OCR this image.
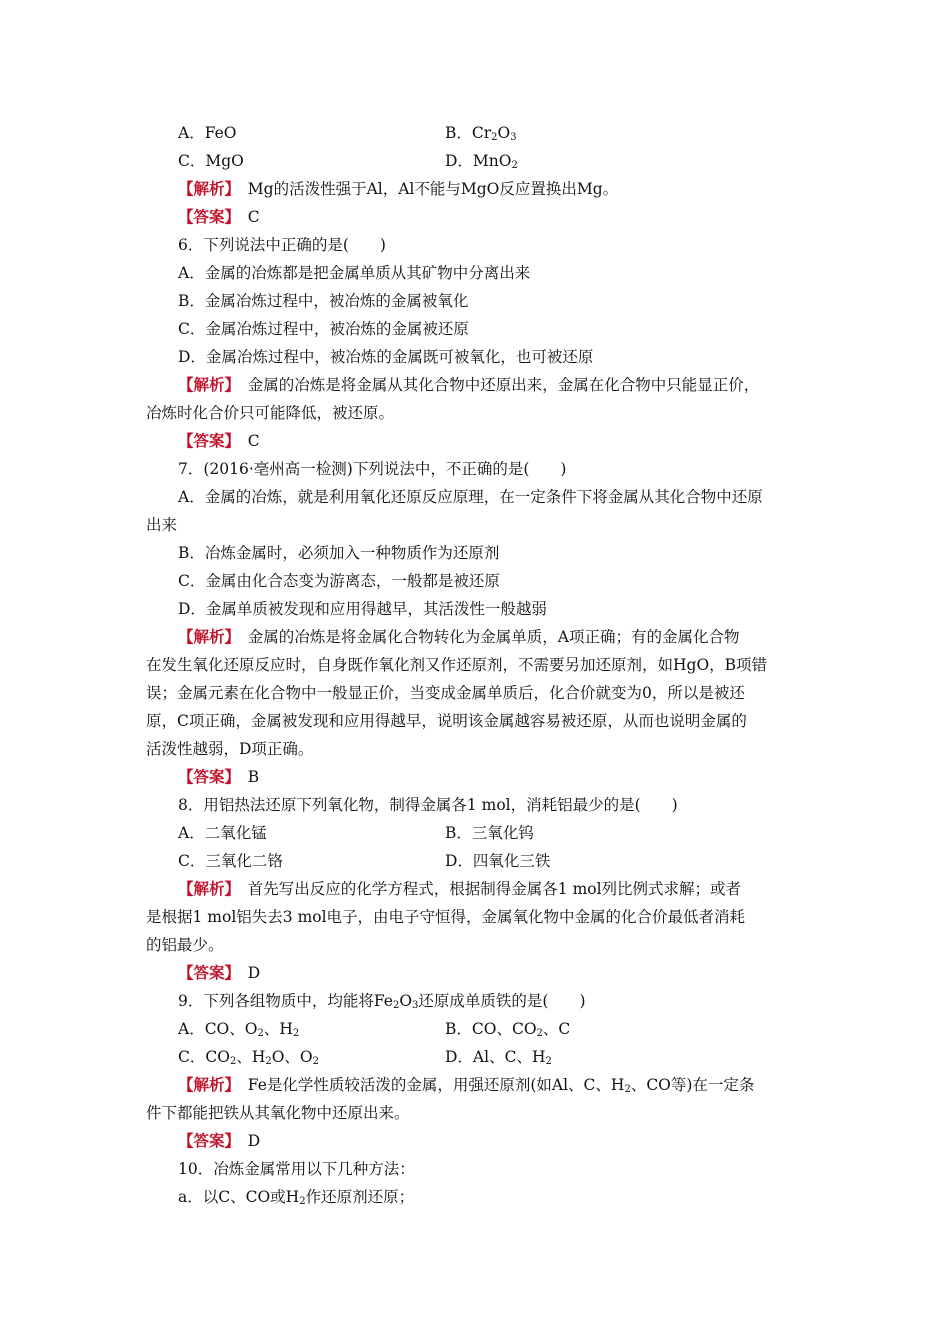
A．FeO	B．$Cr_2O_3$
C．MgO	D．MnO$_2$
【解析】　 Mg的活泼性强于Al，Al不能与MgO反应置换出Mg。
【答案】　 C
6．下列说法中正确的是(　　)
A．金属的冶炼都是把金属单质从其矿物中分离出来
B．金属冶炼过程中，被冶炼的金属被氧化
C．金属冶炼过程中，被冶炼的金属被还原
D．金属冶炼过程中，被冶炼的金属既可被氧化，也可被还原
【解析】　 金属的冶炼是将金属从其化合物中还原出来，金属在化合物中只能显正价，
冶炼时化合价只可能降低，被还原。
【答案】　 C
7．(2016·亳州高一检测)下列说法中，不正确的是(　　)
A．金属的冶炼，就是利用氧化还原反应原理，在一定条件下将金属从其化合物中还原
出来
B．冶炼金属时，必须加入一种物质作为还原剂
C．金属由化合态变为游离态，一般都是被还原
D．金属单质被发现和应用得越早，其活泼性一般越弱
【解析】　 金属的冶炼是将金属化合物转化为金属单质，A项正确；有的金属化合物
在发生氧化还原反应时，自身既作氧化剂又作还原剂，不需要另加还原剂，如HgO，B项错
误；金属元素在化合物中一般显正价，当变成金属单质后，化合价就变为0，所以是被还
原，C项正确，金属被发现和应用得越早，说明该金属越容易被还原，从而也说明金属的
活泼性越弱，D项正确。
【答案】　 B
8．用铝热法还原下列氧化物，制得金属各1 mol，消耗铝最少的是(　　)
A．二氧化锰	B．三氧化钨
C．三氧化二铬	D．四氧化三铁
【解析】　 首先写出反应的化学方程式，根据制得金属各1 mol列比例式求解；或者
是根据1 mol铝失去3 mol电子，由电子守恒得，金属氧化物中金属的化合价最低者消耗
的铝最少。
【答案】　 D
9．下列各组物质中，均能将$Fe_2O_3$还原成单质铁的是(　　)
A．CO、$O_2$、$H_2$	B．CO、$CO_2$、C
C．$CO_2$、$H_2O$、$O_2$	D．Al、C、$H_2$
【解析】　 Fe是化学性质较活泼的金属，用强还原剂(如Al、C、$H_2$、CO等)在一定条
件下都能把铁从其氧化物中还原出来。
【答案】　 D
10．冶炼金属常用以下几种方法：
a．以C、CO或$H_2$作还原剂还原；
